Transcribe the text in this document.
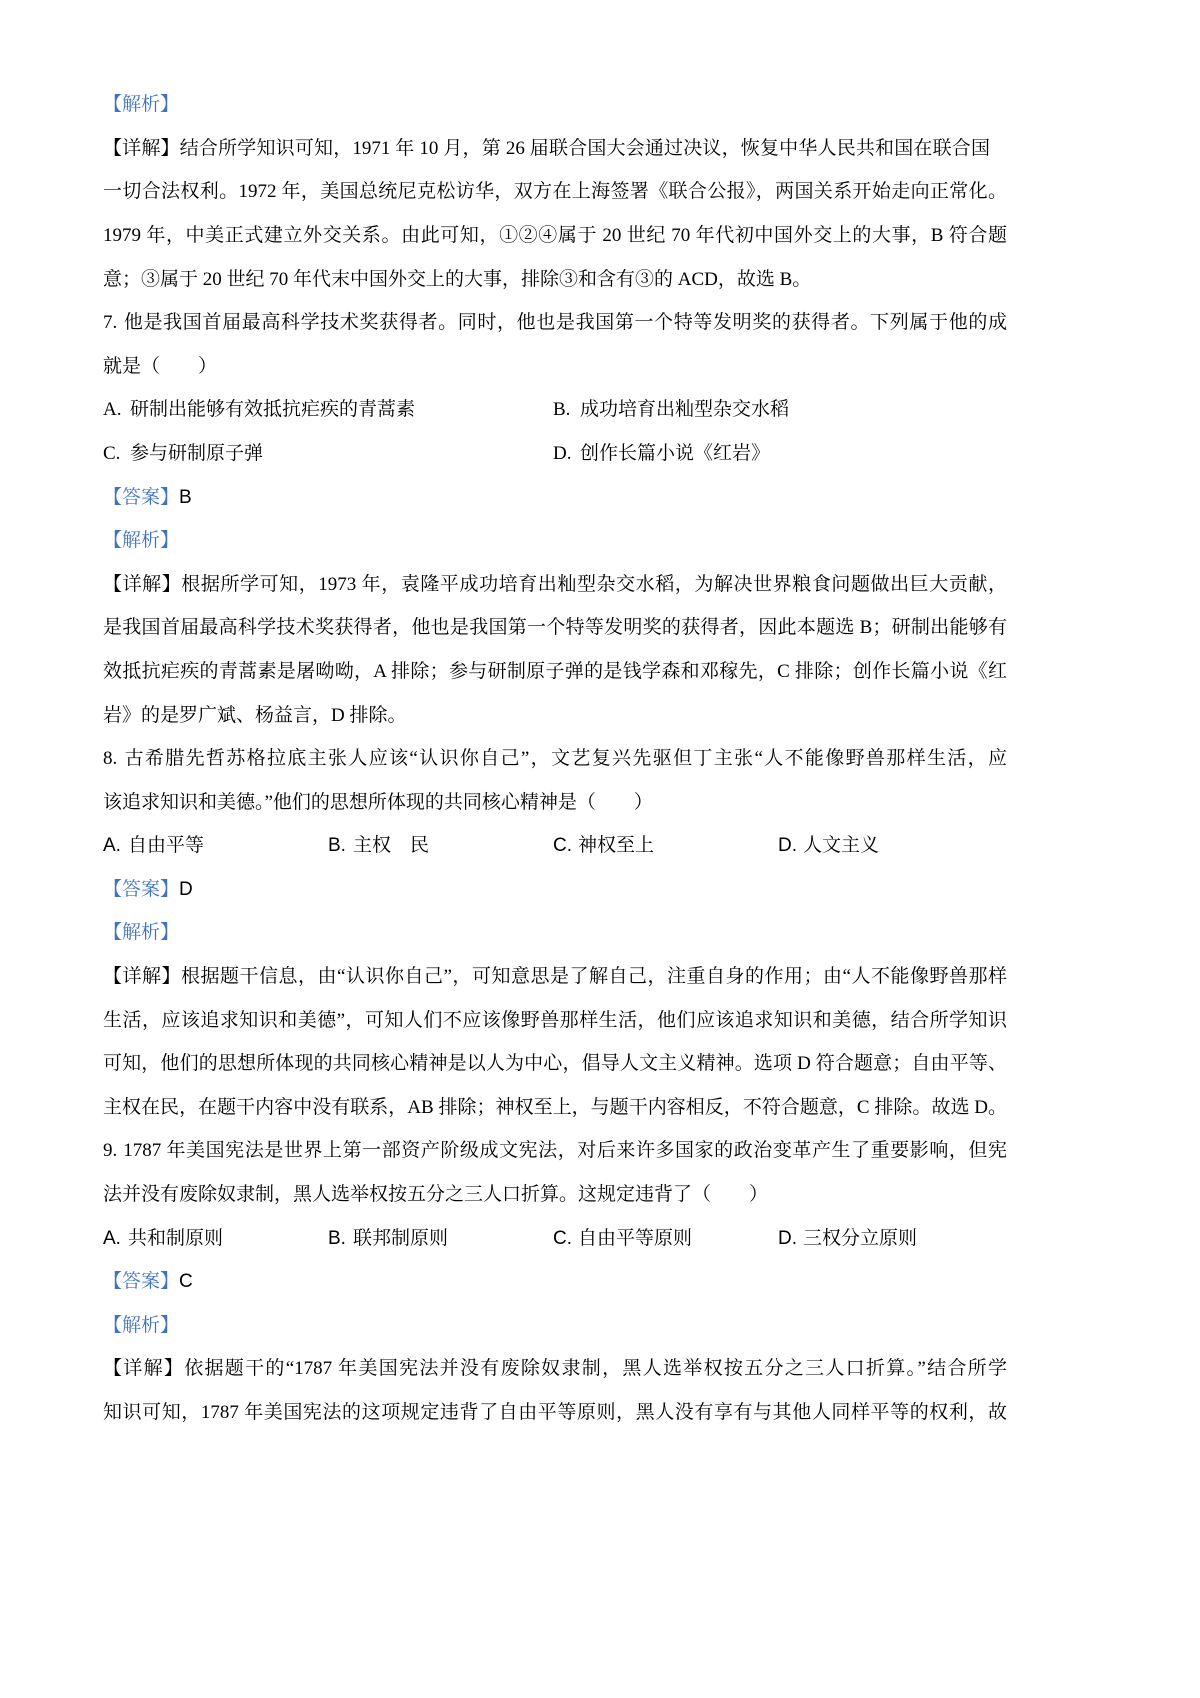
【解析】
【详解】结合所学知识可知，1971 年 10 月，第 26 届联合国大会通过决议，恢复中华人民共和国在联合国
一切合法权利。1972 年，美国总统尼克松访华，双方在上海签署《联合公报》，两国关系开始走向正常化。
1979 年，中美正式建立外交关系。由此可知，①②④属于 20 世纪 70 年代初中国外交上的大事，B 符合题
意；③属于 20 世纪 70 年代末中国外交上的大事，排除③和含有③的 ACD，故选 B。
7. 他是我国首届最高科学技术奖获得者。同时，他也是我国第一个特等发明奖的获得者。下列属于他的成
就是（　　）
A. 研制出能够有效抵抗疟疾的青蒿素	B. 成功培育出籼型杂交水稻
C. 参与研制原子弹	D. 创作长篇小说《红岩》
【答案】B
【解析】
【详解】根据所学可知，1973 年，袁隆平成功培育出籼型杂交水稻，为解决世界粮食问题做出巨大贡献，
是我国首届最高科学技术奖获得者，他也是我国第一个特等发明奖的获得者，因此本题选 B；研制出能够有
效抵抗疟疾的青蒿素是屠呦呦，A 排除；参与研制原子弹的是钱学森和邓稼先，C 排除；创作长篇小说《红
岩》的是罗广斌、杨益言，D 排除。
8. 古希腊先哲苏格拉底主张人应该“认识你自己”，文艺复兴先驱但丁主张“人不能像野兽那样生活，应
该追求知识和美德。”他们的思想所体现的共同核心精神是（　　）
A. 自由平等	B. 主权　民	C. 神权至上	D. 人文主义
【答案】D
【解析】
【详解】根据题干信息，由“认识你自己”，可知意思是了解自己，注重自身的作用；由“人不能像野兽那样
生活，应该追求知识和美德”，可知人们不应该像野兽那样生活，他们应该追求知识和美德，结合所学知识
可知，他们的思想所体现的共同核心精神是以人为中心，倡导人文主义精神。选项 D 符合题意；自由平等、
主权在民，在题干内容中没有联系，AB 排除；神权至上，与题干内容相反，不符合题意，C 排除。故选 D。
9. 1787 年美国宪法是世界上第一部资产阶级成文宪法，对后来许多国家的政治变革产生了重要影响，但宪
法并没有废除奴隶制，黑人选举权按五分之三人口折算。这规定违背了（　　）
A. 共和制原则	B. 联邦制原则	C. 自由平等原则	D. 三权分立原则
【答案】C
【解析】
【详解】依据题干的“1787 年美国宪法并没有废除奴隶制，黑人选举权按五分之三人口折算。”结合所学
知识可知，1787 年美国宪法的这项规定违背了自由平等原则，黑人没有享有与其他人同样平等的权利，故
